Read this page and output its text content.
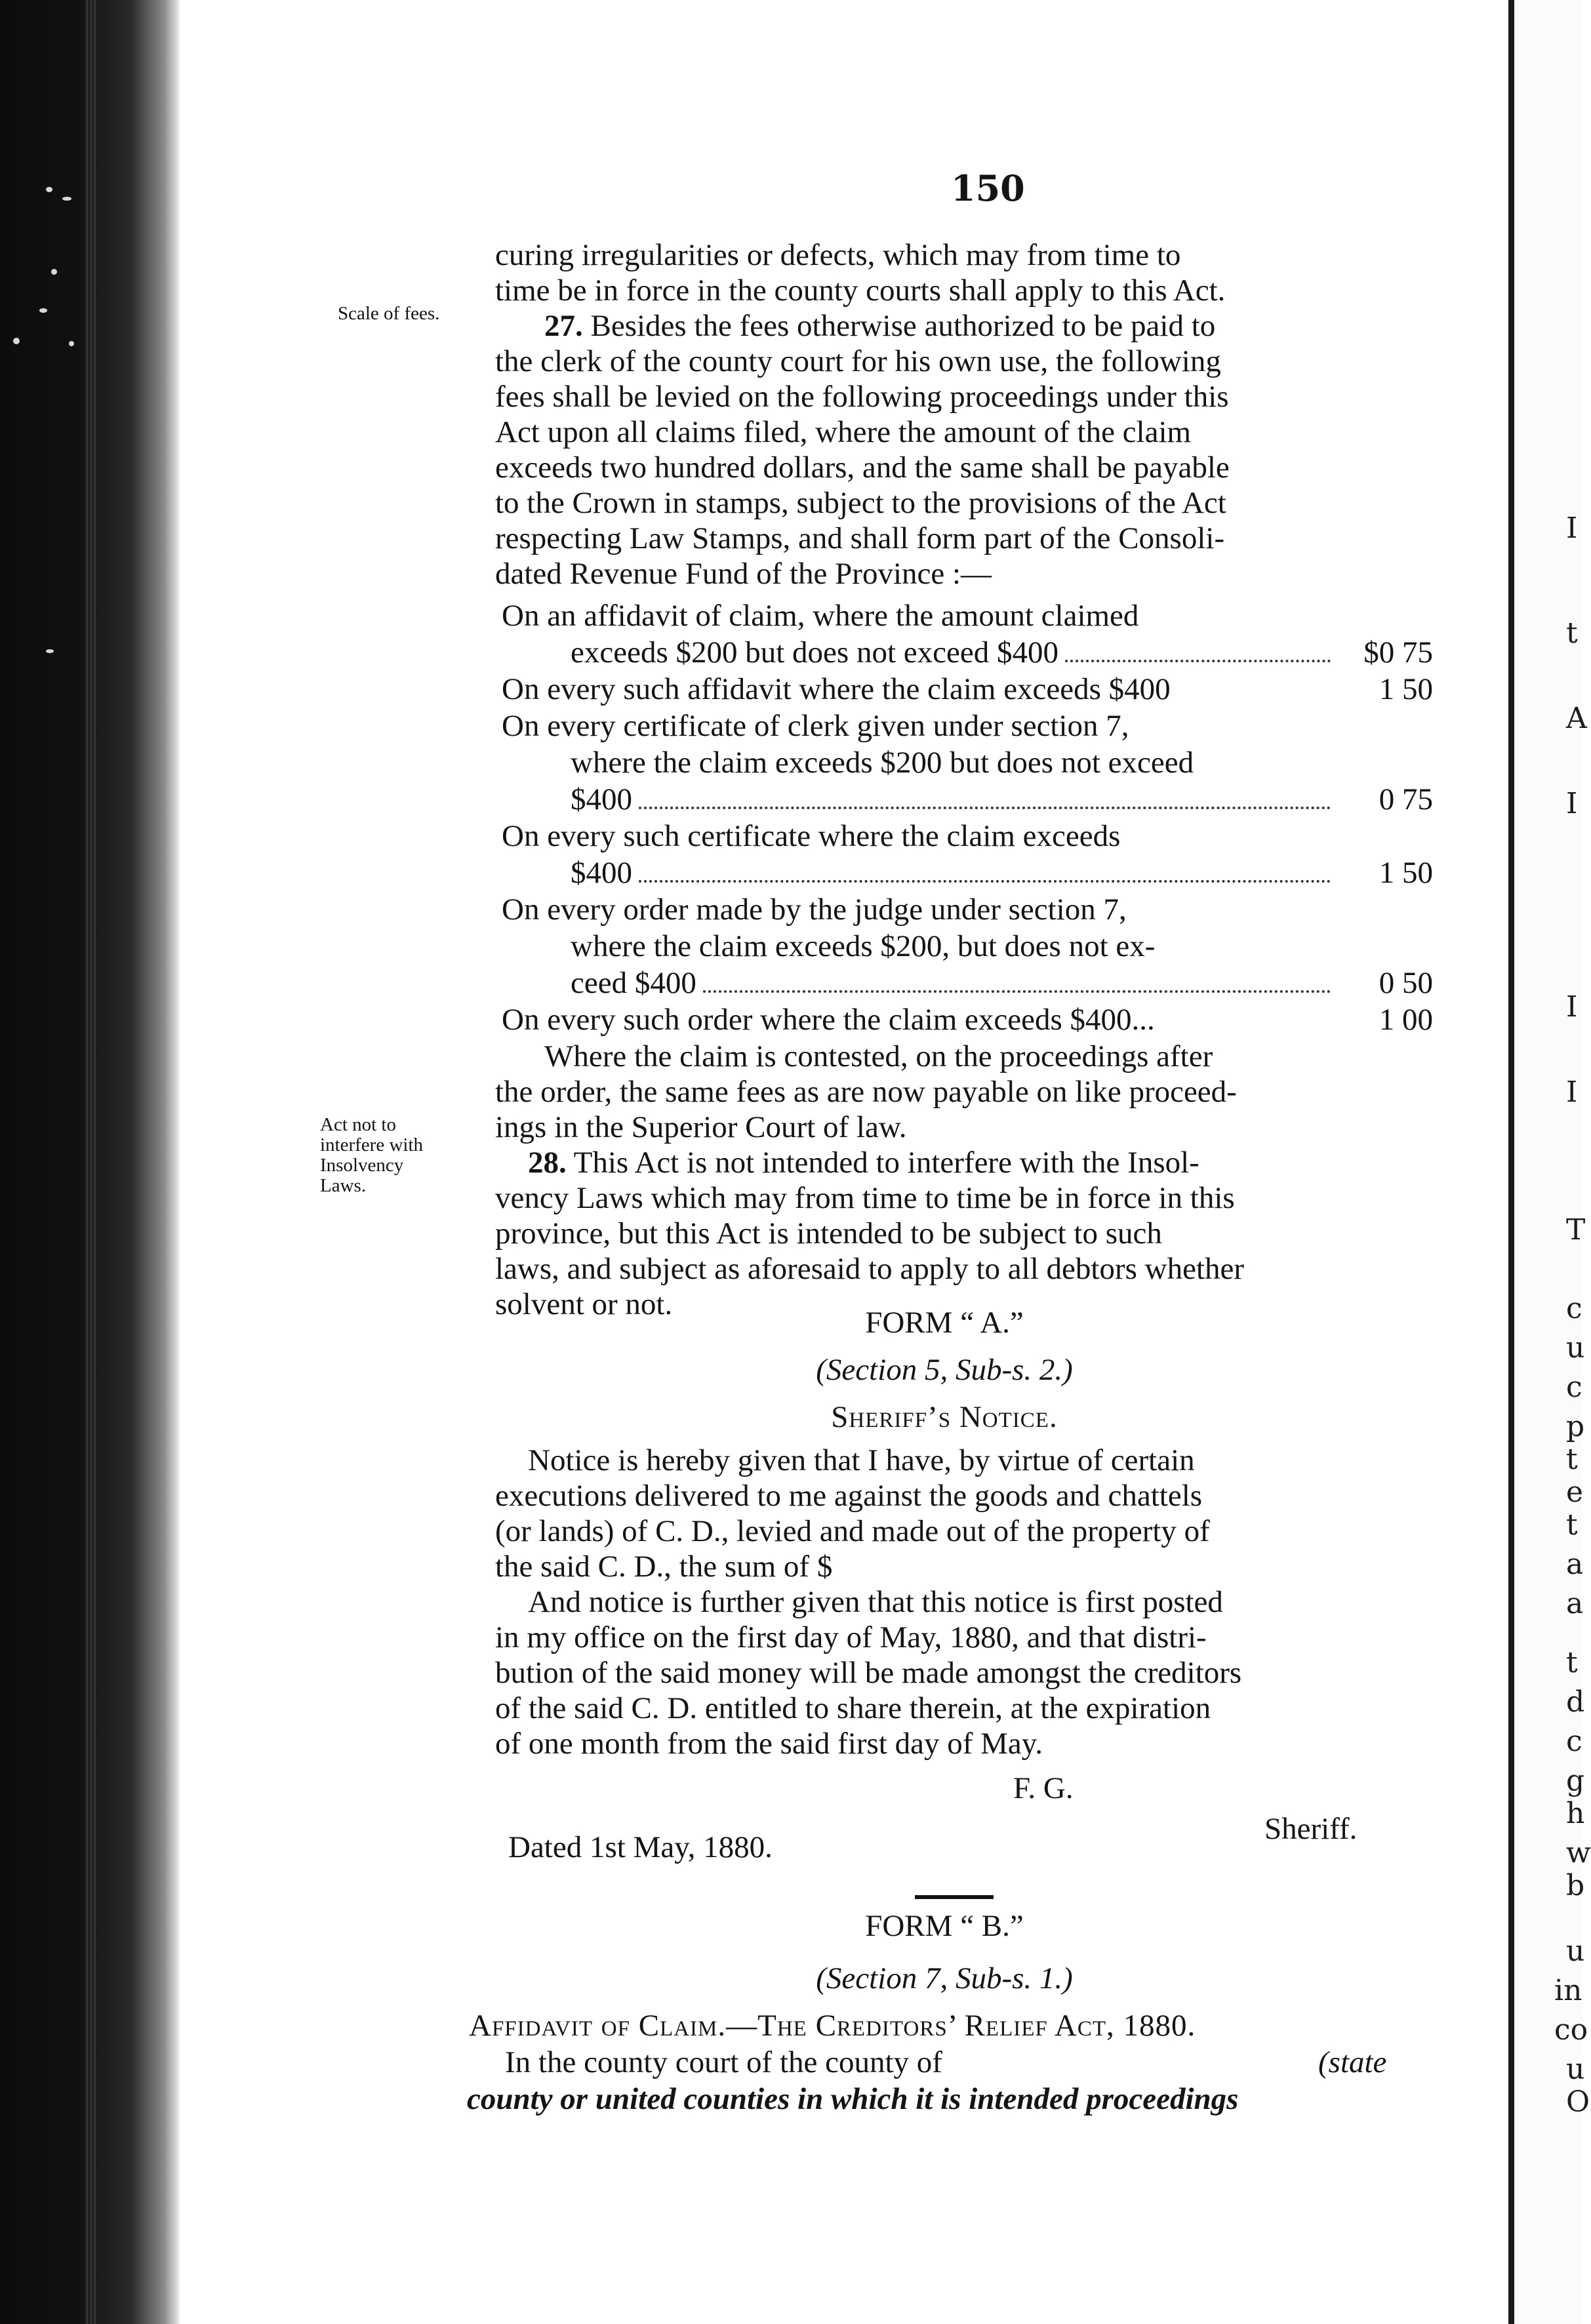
150
Scale of fees.
Act not to
interfere with
Insolvency
Laws.
curing irregularities or defects, which may from time to
time be in force in the county courts shall apply to this Act.
27. Besides the fees otherwise authorized to be paid to
the clerk of the county court for his own use, the following
fees shall be levied on the following proceedings under this
Act upon all claims filed, where the amount of the claim
exceeds two hundred dollars, and the same shall be payable
to the Crown in stamps, subject to the provisions of the Act
respecting Law Stamps, and shall form part of the Consoli-
dated Revenue Fund of the Province :—
On an affidavit of claim, where the amount claimed
exceeds $200 but does not exceed $400	$0 75
On every such affidavit where the claim exceeds $400	1 50
On every certificate of clerk given under section 7,
where the claim exceeds $200 but does not exceed
$400	0 75
On every such certificate where the claim exceeds
$400	1 50
On every order made by the judge under section 7,
where the claim exceeds $200, but does not ex-
ceed $400	0 50
On every such order where the claim exceeds $400...	1 00
Where the claim is contested, on the proceedings after
the order, the same fees as are now payable on like proceed-
ings in the Superior Court of law.
28. This Act is not intended to interfere with the Insol-
vency Laws which may from time to time be in force in this
province, but this Act is intended to be subject to such
laws, and subject as aforesaid to apply to all debtors whether
solvent or not.
FORM “ A.”
(Section 5, Sub-s. 2.)
Sheriff’s Notice.
Notice is hereby given that I have, by virtue of certain
executions delivered to me against the goods and chattels
(or lands) of C. D., levied and made out of the property of
the said C. D., the sum of $
And notice is further given that this notice is first posted
in my office on the first day of May, 1880, and that distri-
bution of the said money will be made amongst the creditors
of the said C. D. entitled to share therein, at the expiration
of one month from the said first day of May.
F. G.
Sheriff.
Dated 1st May, 1880.
FORM “ B.”
(Section 7, Sub-s. 1.)
Affidavit of Claim.—The Creditors’ Relief Act, 1880.
In the county court of the county of	(state
county or united counties in which it is intended proceedings
I
t
A
I
I
I
T
c
u
c
p
t
e
t
a
a
t
d
c
g
h
w
b
u
in
co
u
O
